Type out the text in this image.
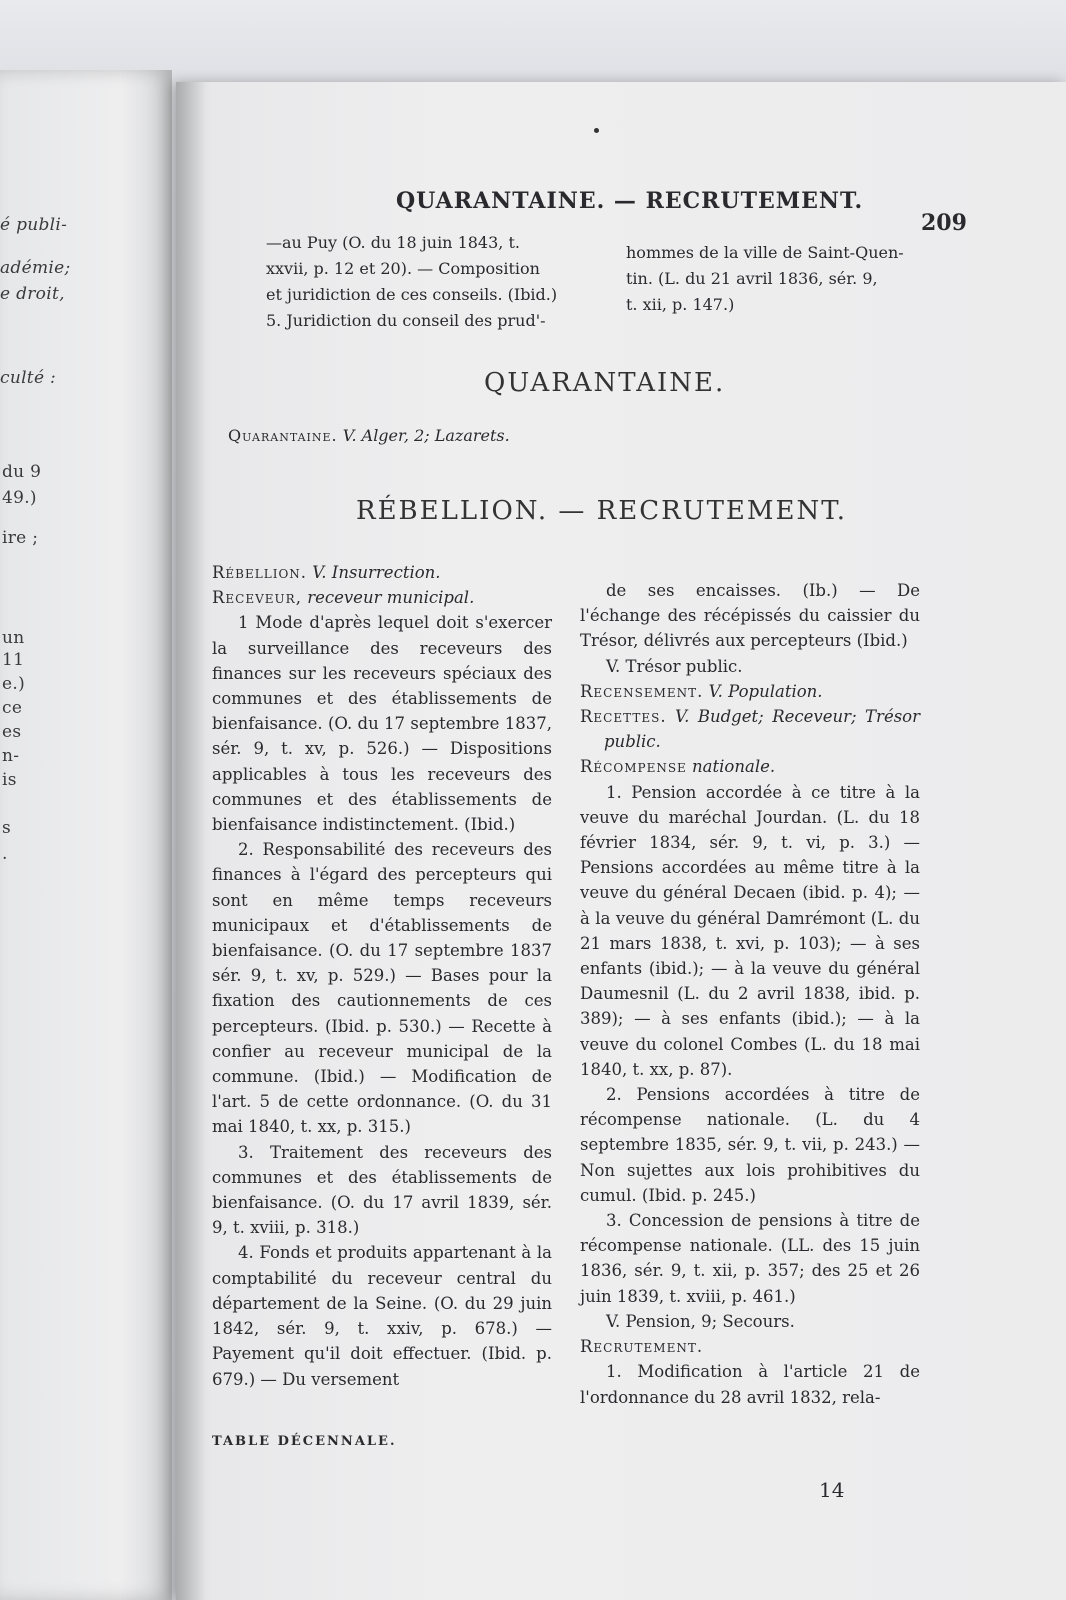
é publi-
adémie;
e droit,
culté :
du 9
49.)
ire ;
un
11
e.)
ce
es
n-
is
s
.
QUARANTAINE. — RECRUTEMENT.
209

—au Puy (O. du 18 juin 1843, t.

xxvii, p. 12 et 20). — Composition

et juridiction de ces conseils. (Ibid.)

5. Juridiction du conseil des prud'-

hommes de la ville de Saint-Quen-

tin. (L. du 21 avril 1836, sér. 9,

t. xii, p. 147.)

QUARANTAINE.
Quarantaine. V. Alger, 2; Lazarets.
RÉBELLION. — RECRUTEMENT.

Rébellion. V. Insurrection.

Receveur, receveur municipal.

1 Mode d'après lequel doit s'exercer la surveillance des receveurs des finances sur les receveurs spéciaux des communes et des établissements de bienfaisance. (O. du 17 septembre 1837, sér. 9, t. xv, p. 526.) — Dispositions applicables à tous les receveurs des communes et des établissements de bienfaisance indistinctement. (Ibid.)

2. Responsabilité des receveurs des finances à l'égard des percepteurs qui sont en même temps receveurs municipaux et d'établissements de bienfaisance. (O. du 17 septembre 1837 sér. 9, t. xv, p. 529.) — Bases pour la fixation des cautionnements de ces percepteurs. (Ibid. p. 530.) — Recette à confier au receveur municipal de la commune. (Ibid.) — Modification de l'art. 5 de cette ordonnance. (O. du 31 mai 1840, t. xx, p. 315.)

3. Traitement des receveurs des communes et des établissements de bienfaisance. (O. du 17 avril 1839, sér. 9, t. xviii, p. 318.)

4. Fonds et produits appartenant à la comptabilité du receveur central du département de la Seine. (O. du 29 juin 1842, sér. 9, t. xxiv, p. 678.) — Payement qu'il doit effectuer. (Ibid. p. 679.) — Du versement

de ses encaisses. (Ib.) — De l'échange des récépissés du caissier du Trésor, délivrés aux percepteurs (Ibid.)

V. Trésor public.

Recensement. V. Population.

Recettes. V. Budget; Receveur; Trésor public.

Récompense nationale.

1. Pension accordée à ce titre à la veuve du maréchal Jourdan. (L. du 18 février 1834, sér. 9, t. vi, p. 3.) — Pensions accordées au même titre à la veuve du général Decaen (ibid. p. 4); — à la veuve du général Damrémont (L. du 21 mars 1838, t. xvi, p. 103); — à ses enfants (ibid.); — à la veuve du général Daumesnil (L. du 2 avril 1838, ibid. p. 389); — à ses enfants (ibid.); — à la veuve du colonel Combes (L. du 18 mai 1840, t. xx, p. 87).

2. Pensions accordées à titre de récompense nationale. (L. du 4 septembre 1835, sér. 9, t. vii, p. 243.) — Non sujettes aux lois prohibitives du cumul. (Ibid. p. 245.)

3. Concession de pensions à titre de récompense nationale. (LL. des 15 juin 1836, sér. 9, t. xii, p. 357; des 25 et 26 juin 1839, t. xviii, p. 461.)

V. Pension, 9; Secours.

Recrutement.

1. Modification à l'article 21 de l'ordonnance du 28 avril 1832, rela-

TABLE DÉCENNALE.
14
